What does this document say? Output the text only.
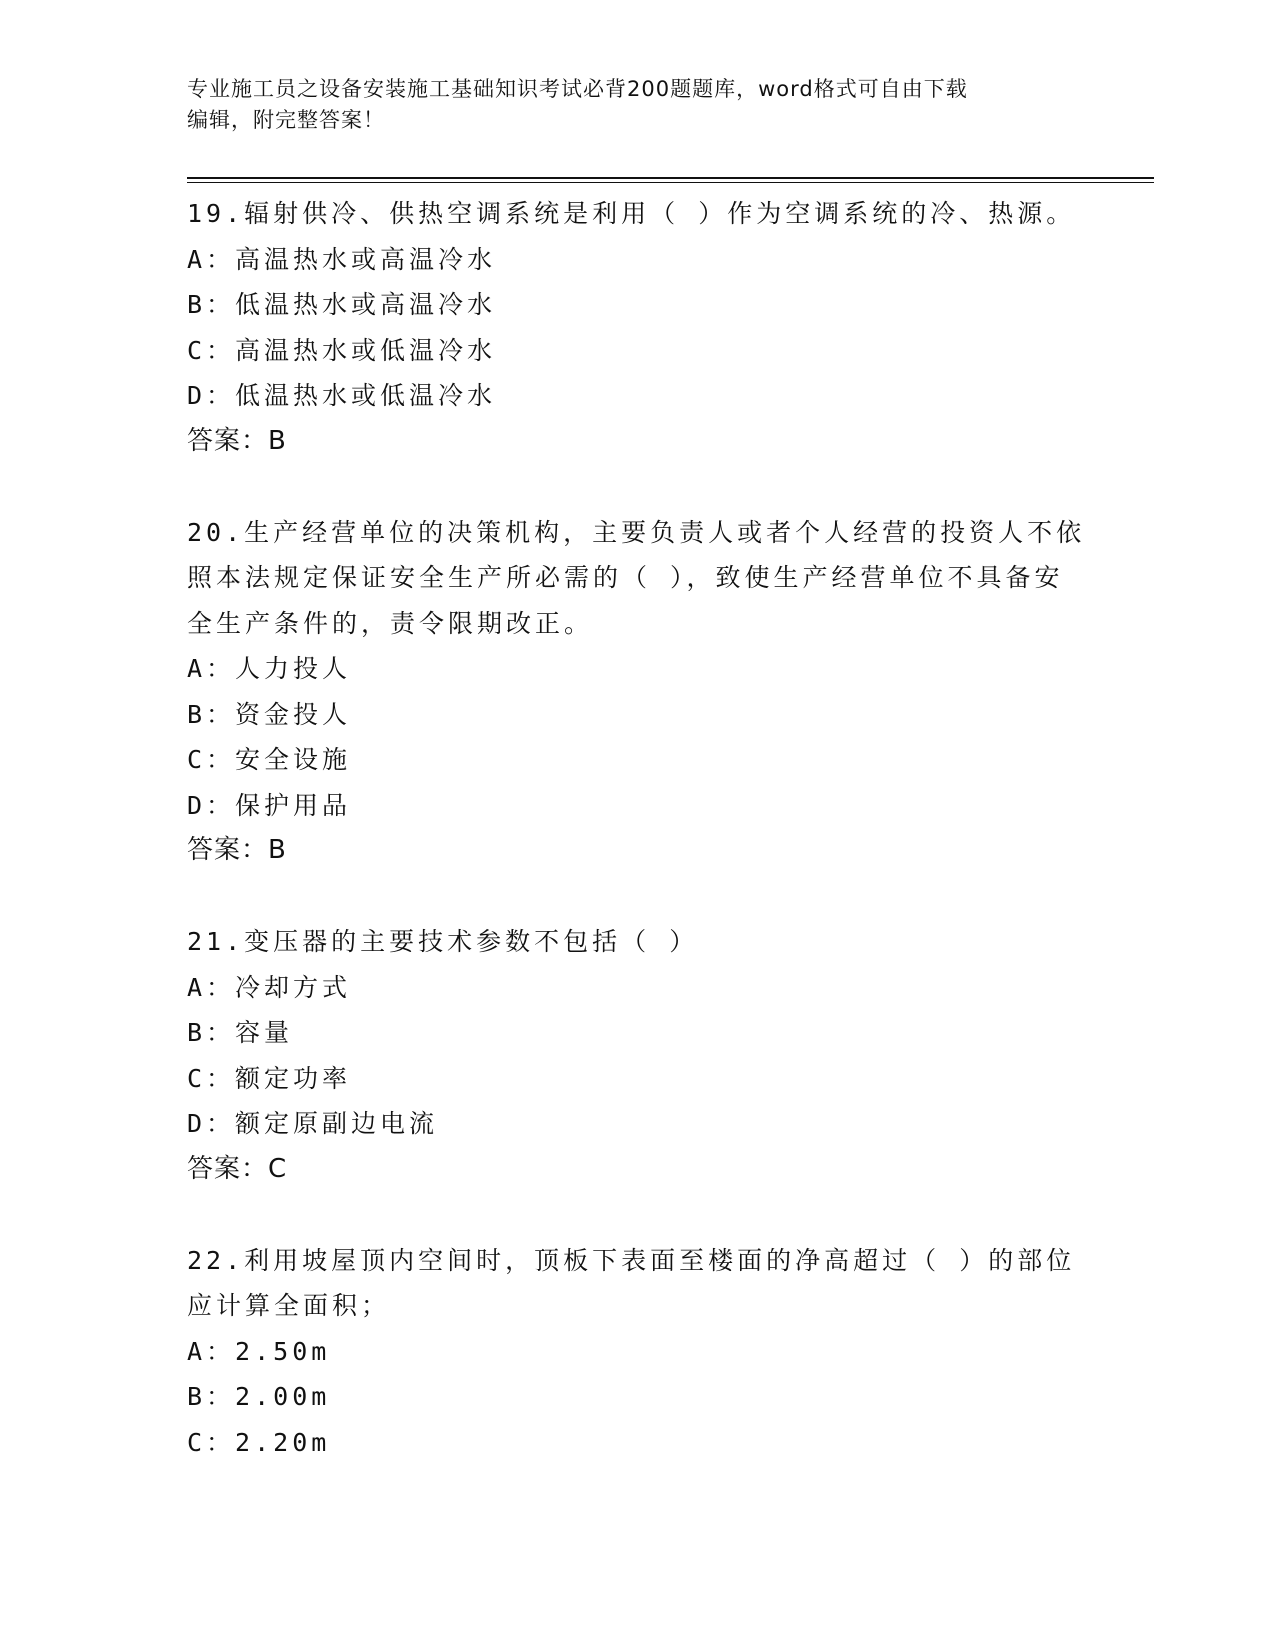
专业施工员之设备安装施工基础知识考试必背200题题库，word格式可自由下载
编辑，附完整答案！

19.辐射供冷、供热空调系统是利用（ ）作为空调系统的冷、热源。

A：高温热水或高温冷水

B：低温热水或高温冷水

C：高温热水或低温冷水

D：低温热水或低温冷水

答案：B

20.生产经营单位的决策机构，主要负责人或者个人经营的投资人不依照本法规定保证安全生产所必需的（ ），致使生产经营单位不具备安全生产条件的，责令限期改正。

A：人力投人

B：资金投人

C：安全设施

D：保护用品

答案：B

21.变压器的主要技术参数不包括（ ）

A：冷却方式

B：容量

C：额定功率

D：额定原副边电流

答案：C

22.利用坡屋顶内空间时，顶板下表面至楼面的净高超过（ ）的部位应计算全面积；

A：2.50m

B：2.00m

C：2.20m
